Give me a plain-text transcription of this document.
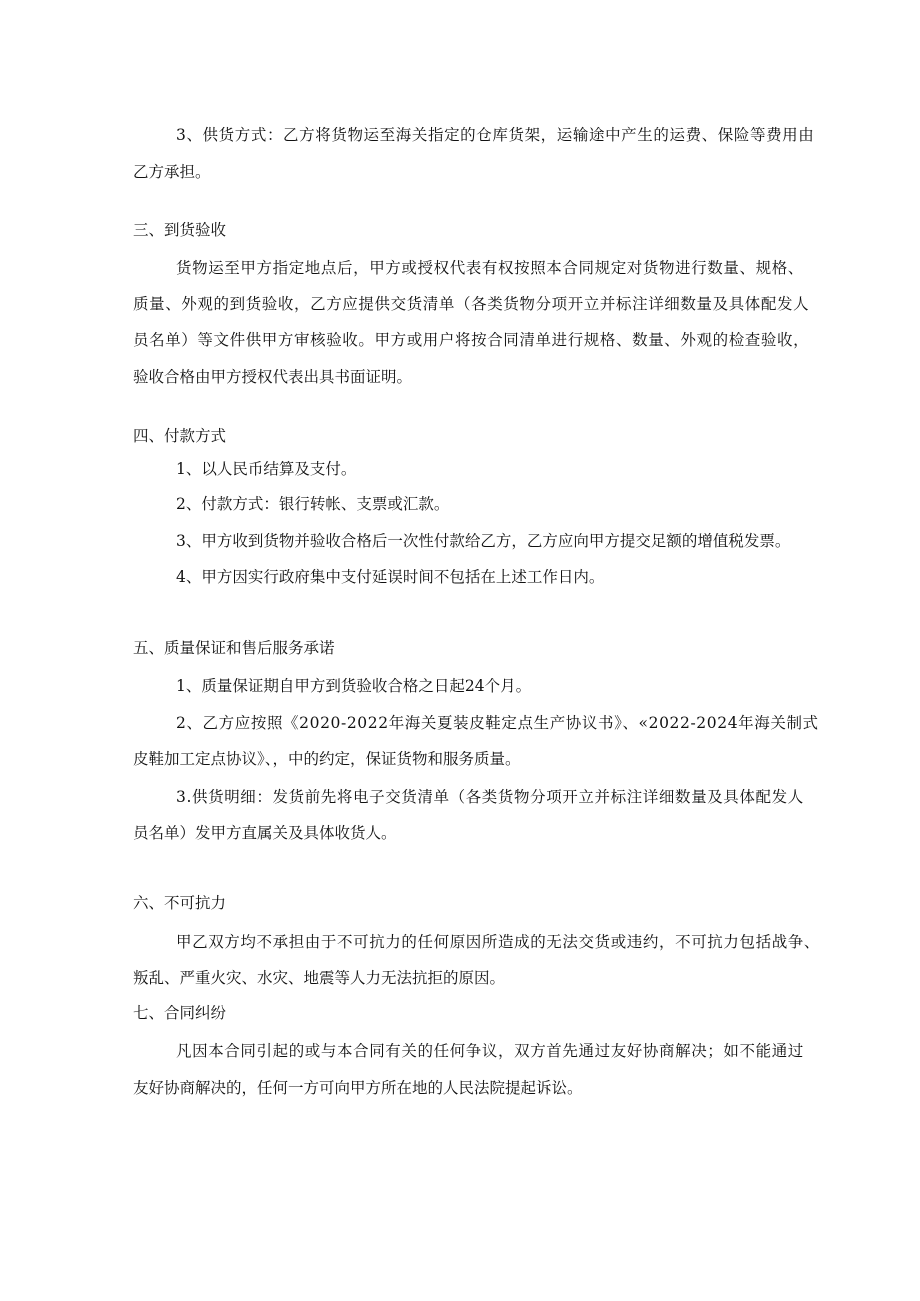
3、供货方式：乙方将货物运至海关指定的仓库货架，运输途中产生的运费、保险等费用由
乙方承担。
三、到货验收
货物运至甲方指定地点后，甲方或授权代表有权按照本合同规定对货物进行数量、规格、
质量、外观的到货验收，乙方应提供交货清单（各类货物分项开立并标注详细数量及具体配发人
员名单）等文件供甲方审核验收。甲方或用户将按合同清单进行规格、数量、外观的检查验收，
验收合格由甲方授权代表出具书面证明。
四、付款方式
1、以人民币结算及支付。
2、付款方式：银行转帐、支票或汇款。
3、甲方收到货物并验收合格后一次性付款给乙方，乙方应向甲方提交足额的增值税发票。
4、甲方因实行政府集中支付延误时间不包括在上述工作日内。
五、质量保证和售后服务承诺
1、质量保证期自甲方到货验收合格之日起24个月。
2、乙方应按照《2020-2022年海关夏装皮鞋定点生产协议书》、«2022-2024年海关制式
皮鞋加工定点协议》、，中的约定，保证货物和服务质量。
3.供货明细：发货前先将电子交货清单（各类货物分项开立并标注详细数量及具体配发人
员名单）发甲方直属关及具体收货人。
六、不可抗力
甲乙双方均不承担由于不可抗力的任何原因所造成的无法交货或违约，不可抗力包括战争、
叛乱、严重火灾、水灾、地震等人力无法抗拒的原因。
七、合同纠纷
凡因本合同引起的或与本合同有关的任何争议，双方首先通过友好协商解决；如不能通过
友好协商解决的，任何一方可向甲方所在地的人民法院提起诉讼。
